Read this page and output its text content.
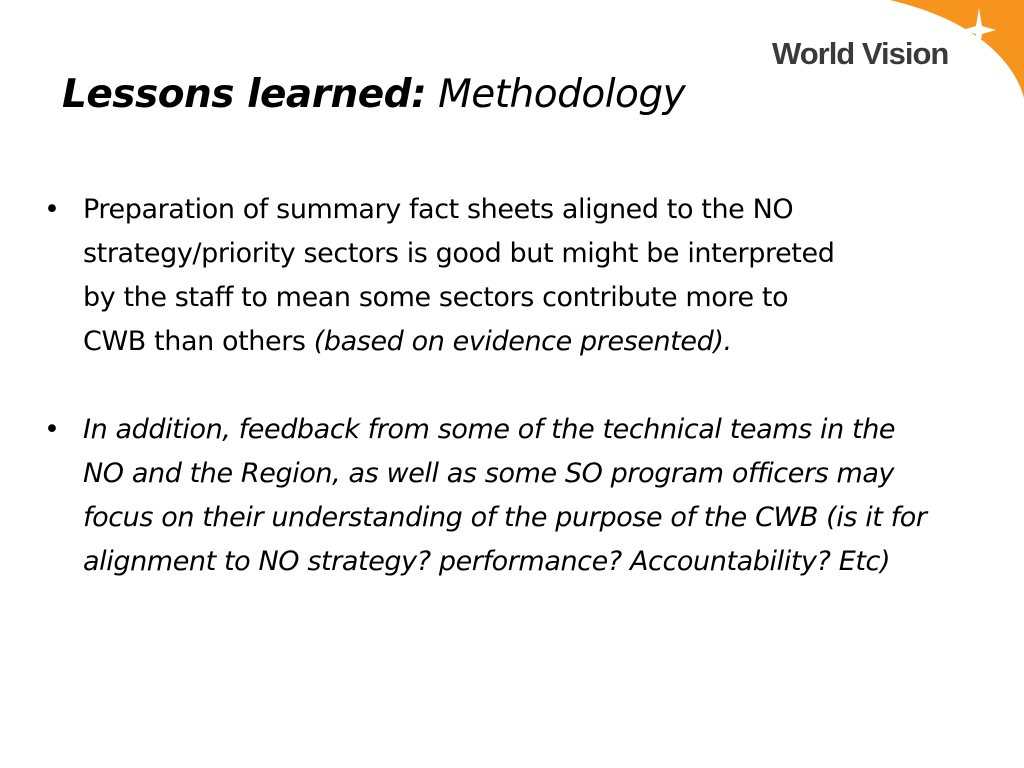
World Vision
Lessons learned: Methodology
• Preparation of summary fact sheets aligned to the NO
strategy/priority sectors is good but might be interpreted
by the staff to mean some sectors contribute more to
CWB than others (based on evidence presented).
• In addition, feedback from some of the technical teams in the
NO and the Region, as well as some SO program officers may
focus on their understanding of the purpose of the CWB (is it for
alignment to NO strategy? performance? Accountability? Etc)
